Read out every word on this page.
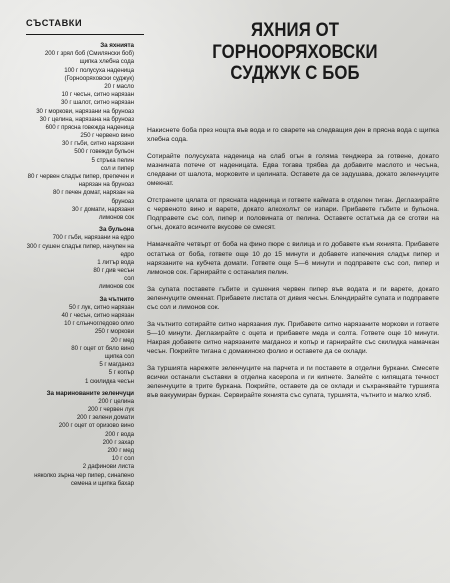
СЪСТАВКИ
За яхнията
200 г зрял боб (Смилянски боб)
щипка хлебна сода
100 г полусуха наденица
(Горнооряховски суджук)
20 г масло
10 г чесън, ситно нарязан
30 г шалот, ситно нарязан
30 г моркови, нарязани на бруноаз
30 г целина, нарязана на бруноаз
600 г прясна говежда наденица
250 г червено вино
30 г гъби, ситно нарязани
500 г говежди бульон
5 стръка пелин
сол и пипер
80 г червен сладък пипер, препечен и
нарязан на бруноаз
80 г печен домат, нарязан на
бруноаз
30 г домати, нарязани
лимонов сок
За бульона
700 г гъби, нарязани на едро
300 г сушен сладък пипер, начупен на
едро
1 литър вода
80 г див чесън
сол
лимонов сок
За чътнито
50 г лук, ситно нарязан
40 г чесън, ситно нарязан
10 г слънчогледово олио
250 г моркови
20 г мед
80 г оцет от бяло вино
щипка сол
5 г магданоз
5 г копър
1 скилидка чесън
За маринованите зеленчуци
200 г целина
200 г червен лук
200 г зелени домати
200 г оцет от оризово вино
200 г вода
200 г захар
200 г мед
10 г сол
2 дафинови листа
няколко зърна чер пипер, синапено
семена и щипка бахар
ЯХНИЯ ОТ
ГОРНООРЯХОВСКИ
СУДЖУК С БОБ

Накиснете боба през нощта във вода и го сварете на следващия ден в прясна вода с щипка хлебна сода.

Сотирайте полусухата наденица на слаб огън в голяма тенджера за готвене, докато мазнината потече от наденицата. Едва тогава трябва да добавите маслото и чесъна, следвани от шалота, морковите и целината. Оставете да се задушава, докато зеленчуците омекнат.

Отстранете цялата от прясната наденица и гответе каймата в отделен тиган. Деглазирайте с червеното вино и варете, докато алкохолът се изпари. Прибавете гъбите и бульона. Подправете със сол, пипер и половината от пелина. Оставете остатъка да се сготви на огън, докато всичките вкусове се смесят.

Намачкайте четвърт от боба на фино пюре с вилица и го добавете към яхнията. Прибавете остатъка от боба, гответе още 10 до 15 минути и добавете изпечения сладък пипер и нарязаните на кубчета домати. Гответе още 5—6 минути и подправете със сол, пипер и лимонов сок. Гарнирайте с останалия пелин.

За супата поставете гъбите и сушения червен пипер във водата и ги варете, докато зеленчуците омекнат. Прибавете листата от дивия чесън. Блендирайте супата и подправете със сол и лимонов сок.

За чътнито сотирайте ситно нарязания лук. Прибавете ситно нарязаните моркови и гответе 5—10 минути. Деглазирайте с оцета и прибавете меда и солта. Гответе още 10 минути. Накрая добавете ситно нарязаните магданоз и копър и гарнирайте със скилидка намачкан чесън. Покрийте тигана с домакинско фолио и оставете да се охлади.

За туршията нарежете зеленчуците на парчета и ги поставете в отделни буркани. Смесете всички останали съставки в отделна касерола и ги кипнете. Залейте с кипящата течност зеленчуците в трите буркана. Покрийте, оставете да се охлади и съхранявайте туршията във вакуумиран буркан. Сервирайте яхнията със супата, туршията, чътнито и малко хляб.
